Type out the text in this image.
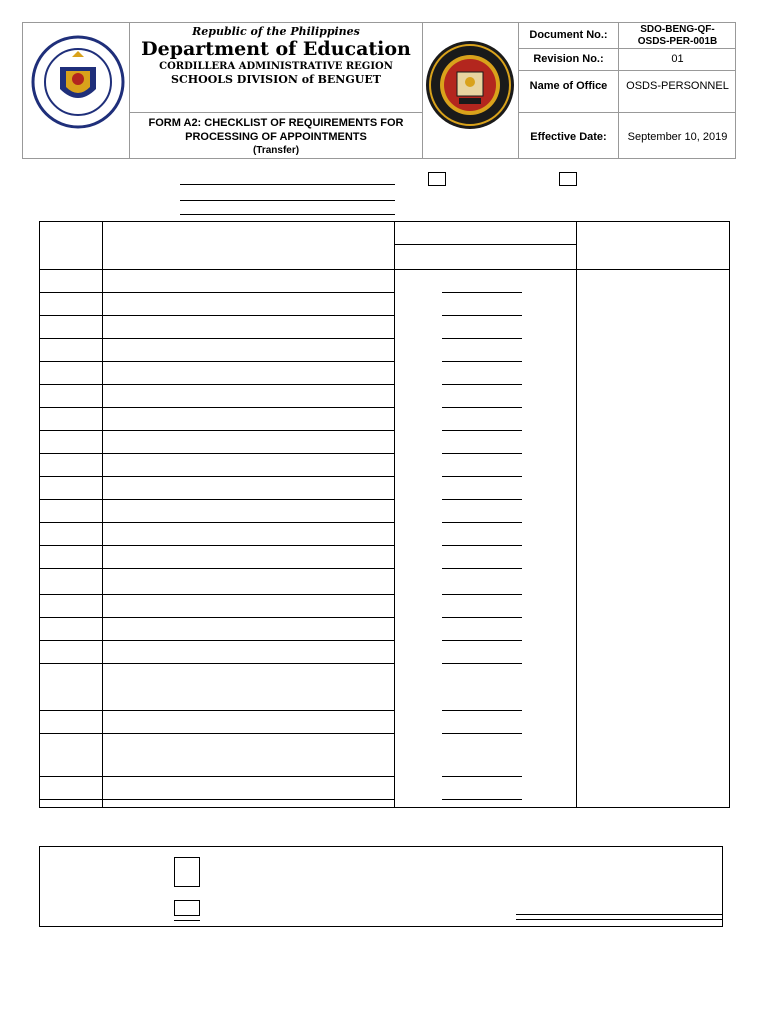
Republic of the Philippines
Department of Education
CORDILLERA ADMINISTRATIVE REGION
SCHOOLS DIVISION of BENGUET
FORM A2: CHECKLIST OF REQUIREMENTS FOR
PROCESSING OF APPOINTMENTS
(Transfer)
Document No.:	SDO-BENG-QF-
OSDS-PER-001B
Revision No.:	01
Name of Office	OSDS-PERSONNEL
Effective Date:	September 10, 2019
